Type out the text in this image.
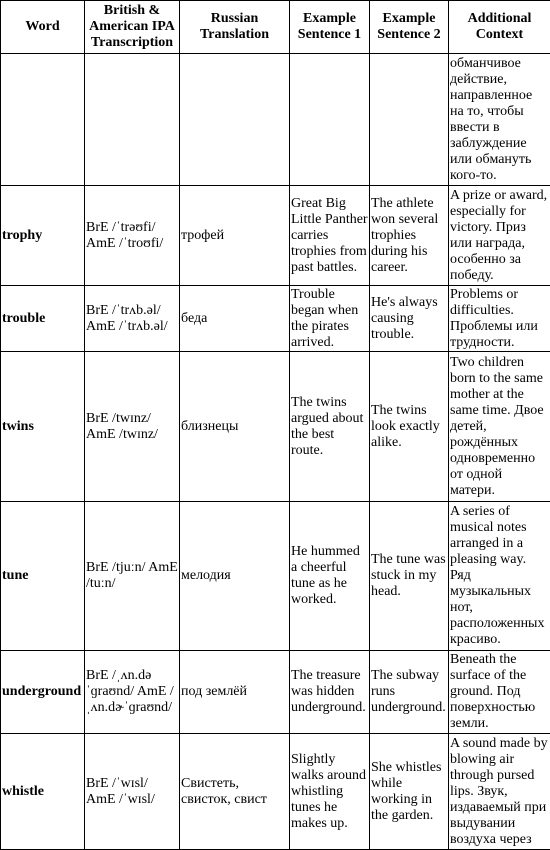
Word	British & American IPA Transcription	Russian Translation	Example Sentence 1	Example Sentence 2	Additional Context
					обманчивое действие, направленное на то, чтобы ввести в заблуждение или обмануть кого-то.
trophy	BrE /ˈtrəʊfi/ AmE /ˈtroʊfi/	трофей	Great Big Little Panther carries trophies from past battles.	The athlete won several trophies during his career.	A prize or award, especially for victory. Приз или награда, особенно за победу.
trouble	BrE /ˈtrʌb.əl/ AmE /ˈtrʌb.əl/	беда	Trouble began when the pirates arrived.	He's always causing trouble.	Problems or difficulties. Проблемы или трудности.
twins	BrE /twɪnz/ AmE /twɪnz/	близнецы	The twins argued about the best route.	The twins look exactly alike.	Two children born to the same mother at the same time. Двое детей, рождённых одновременно от одной матери.
tune	BrE /tjuːn/ AmE /tuːn/	мелодия	He hummed a cheerful tune as he worked.	The tune was stuck in my head.	A series of musical notes arranged in a pleasing way. Ряд музыкальных нот, расположенных красиво.
underground	BrE /ˌʌn.dəˈɡraʊnd/ AmE /ˌʌn.dɚˈɡraʊnd/	под землёй	The treasure was hidden underground.	The subway runs underground.	Beneath the surface of the ground. Под поверхностью земли.
whistle	BrE /ˈwɪsl/ AmE /ˈwɪsl/	Свистеть, свисток, свист	Slightly walks around whistling tunes he makes up.	She whistles while working in the garden.	A sound made by blowing air through pursed lips. Звук, издаваемый при выдувании воздуха через
